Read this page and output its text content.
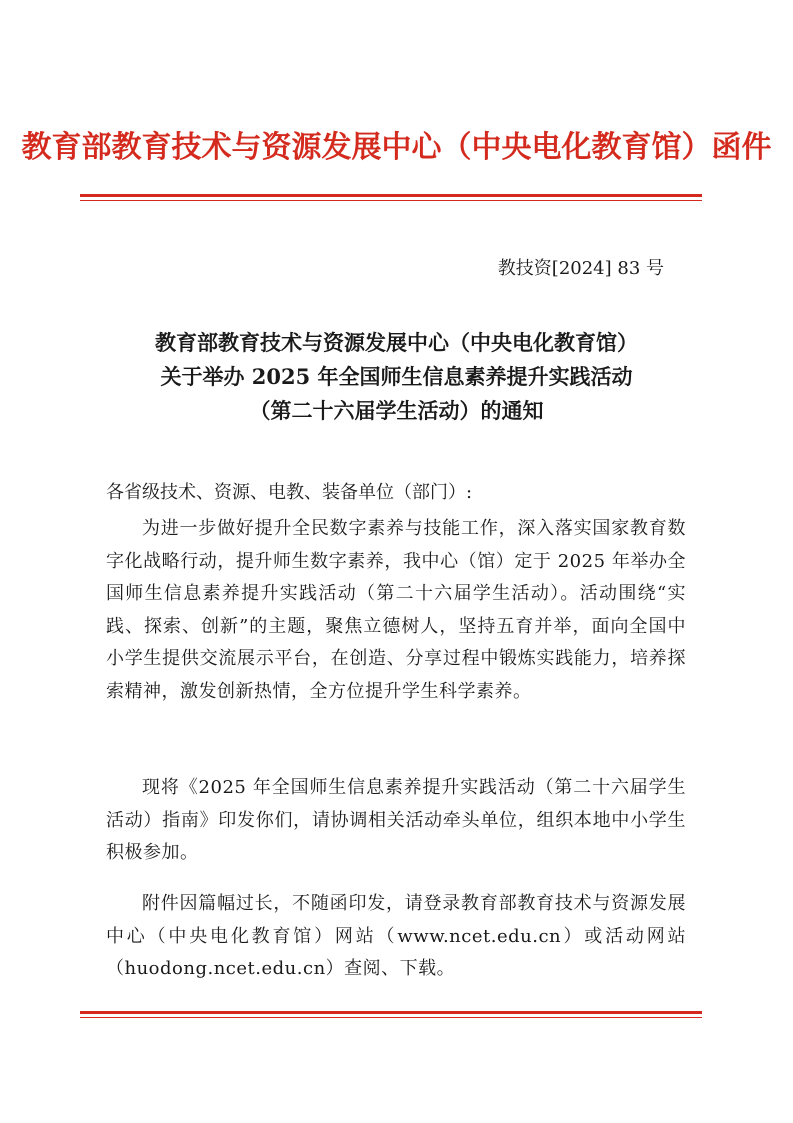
教育部教育技术与资源发展中心（中央电化教育馆）函件
教技资[2024] 83 号
教育部教育技术与资源发展中心（中央电化教育馆）
关于举办 2025 年全国师生信息素养提升实践活动
（第二十六届学生活动）的通知
各省级技术、资源、电教、装备单位（部门）:
为进一步做好提升全民数字素养与技能工作，深入落实国家教育数字化战略行动，提升师生数字素养，我中心（馆）定于 2025 年举办全国师生信息素养提升实践活动（第二十六届学生活动）。活动围绕“实践、探索、创新”的主题，聚焦立德树人，坚持五育并举，面向全国中小学生提供交流展示平台，在创造、分享过程中锻炼实践能力，培养探索精神，激发创新热情，全方位提升学生科学素养。
现将《2025 年全国师生信息素养提升实践活动（第二十六届学生活动）指南》印发你们，请协调相关活动牵头单位，组织本地中小学生积极参加。
附件因篇幅过长，不随函印发，请登录教育部教育技术与资源发展中心（中央电化教育馆）网站（www.ncet.edu.cn）或活动网站（huodong.ncet.edu.cn）查阅、下载。
